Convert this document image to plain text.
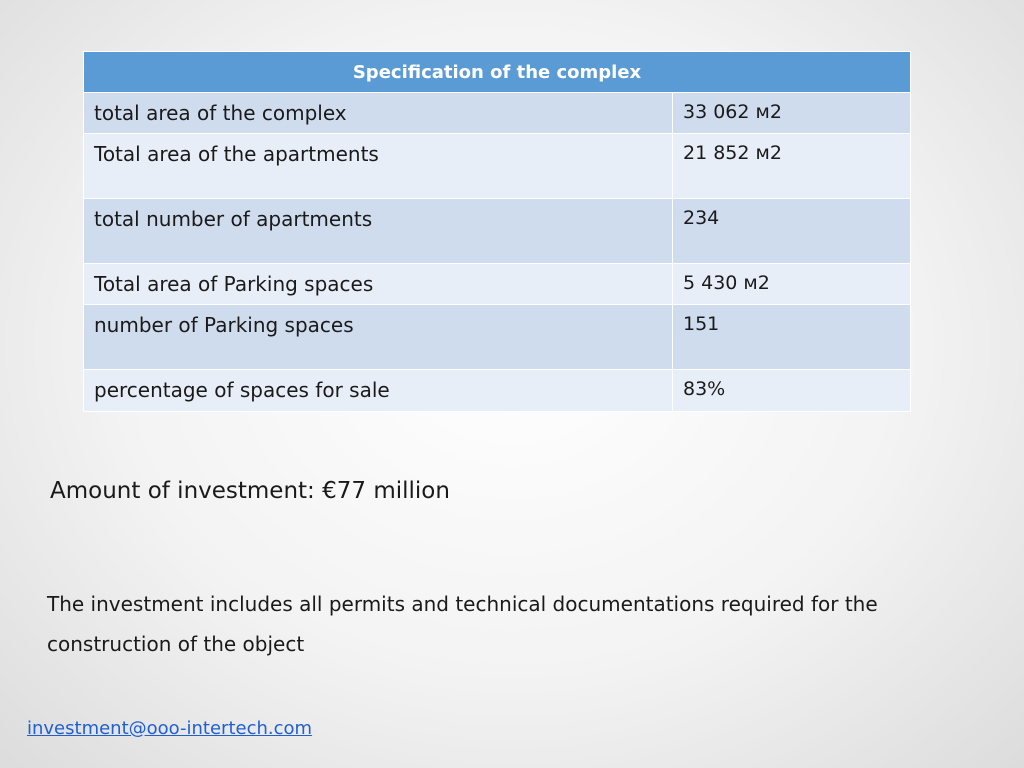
Specification of the complex	
total area of the complex	33 062 м2
Total area of the apartments	21 852 м2
total number of apartments	234
Total area of Parking spaces	5 430 м2
number of Parking spaces	151
percentage of spaces for sale	83%
Amount of investment: €77 million
The investment includes all permits and technical documentations required for the construction of the object
investment@ooo-intertech.com
